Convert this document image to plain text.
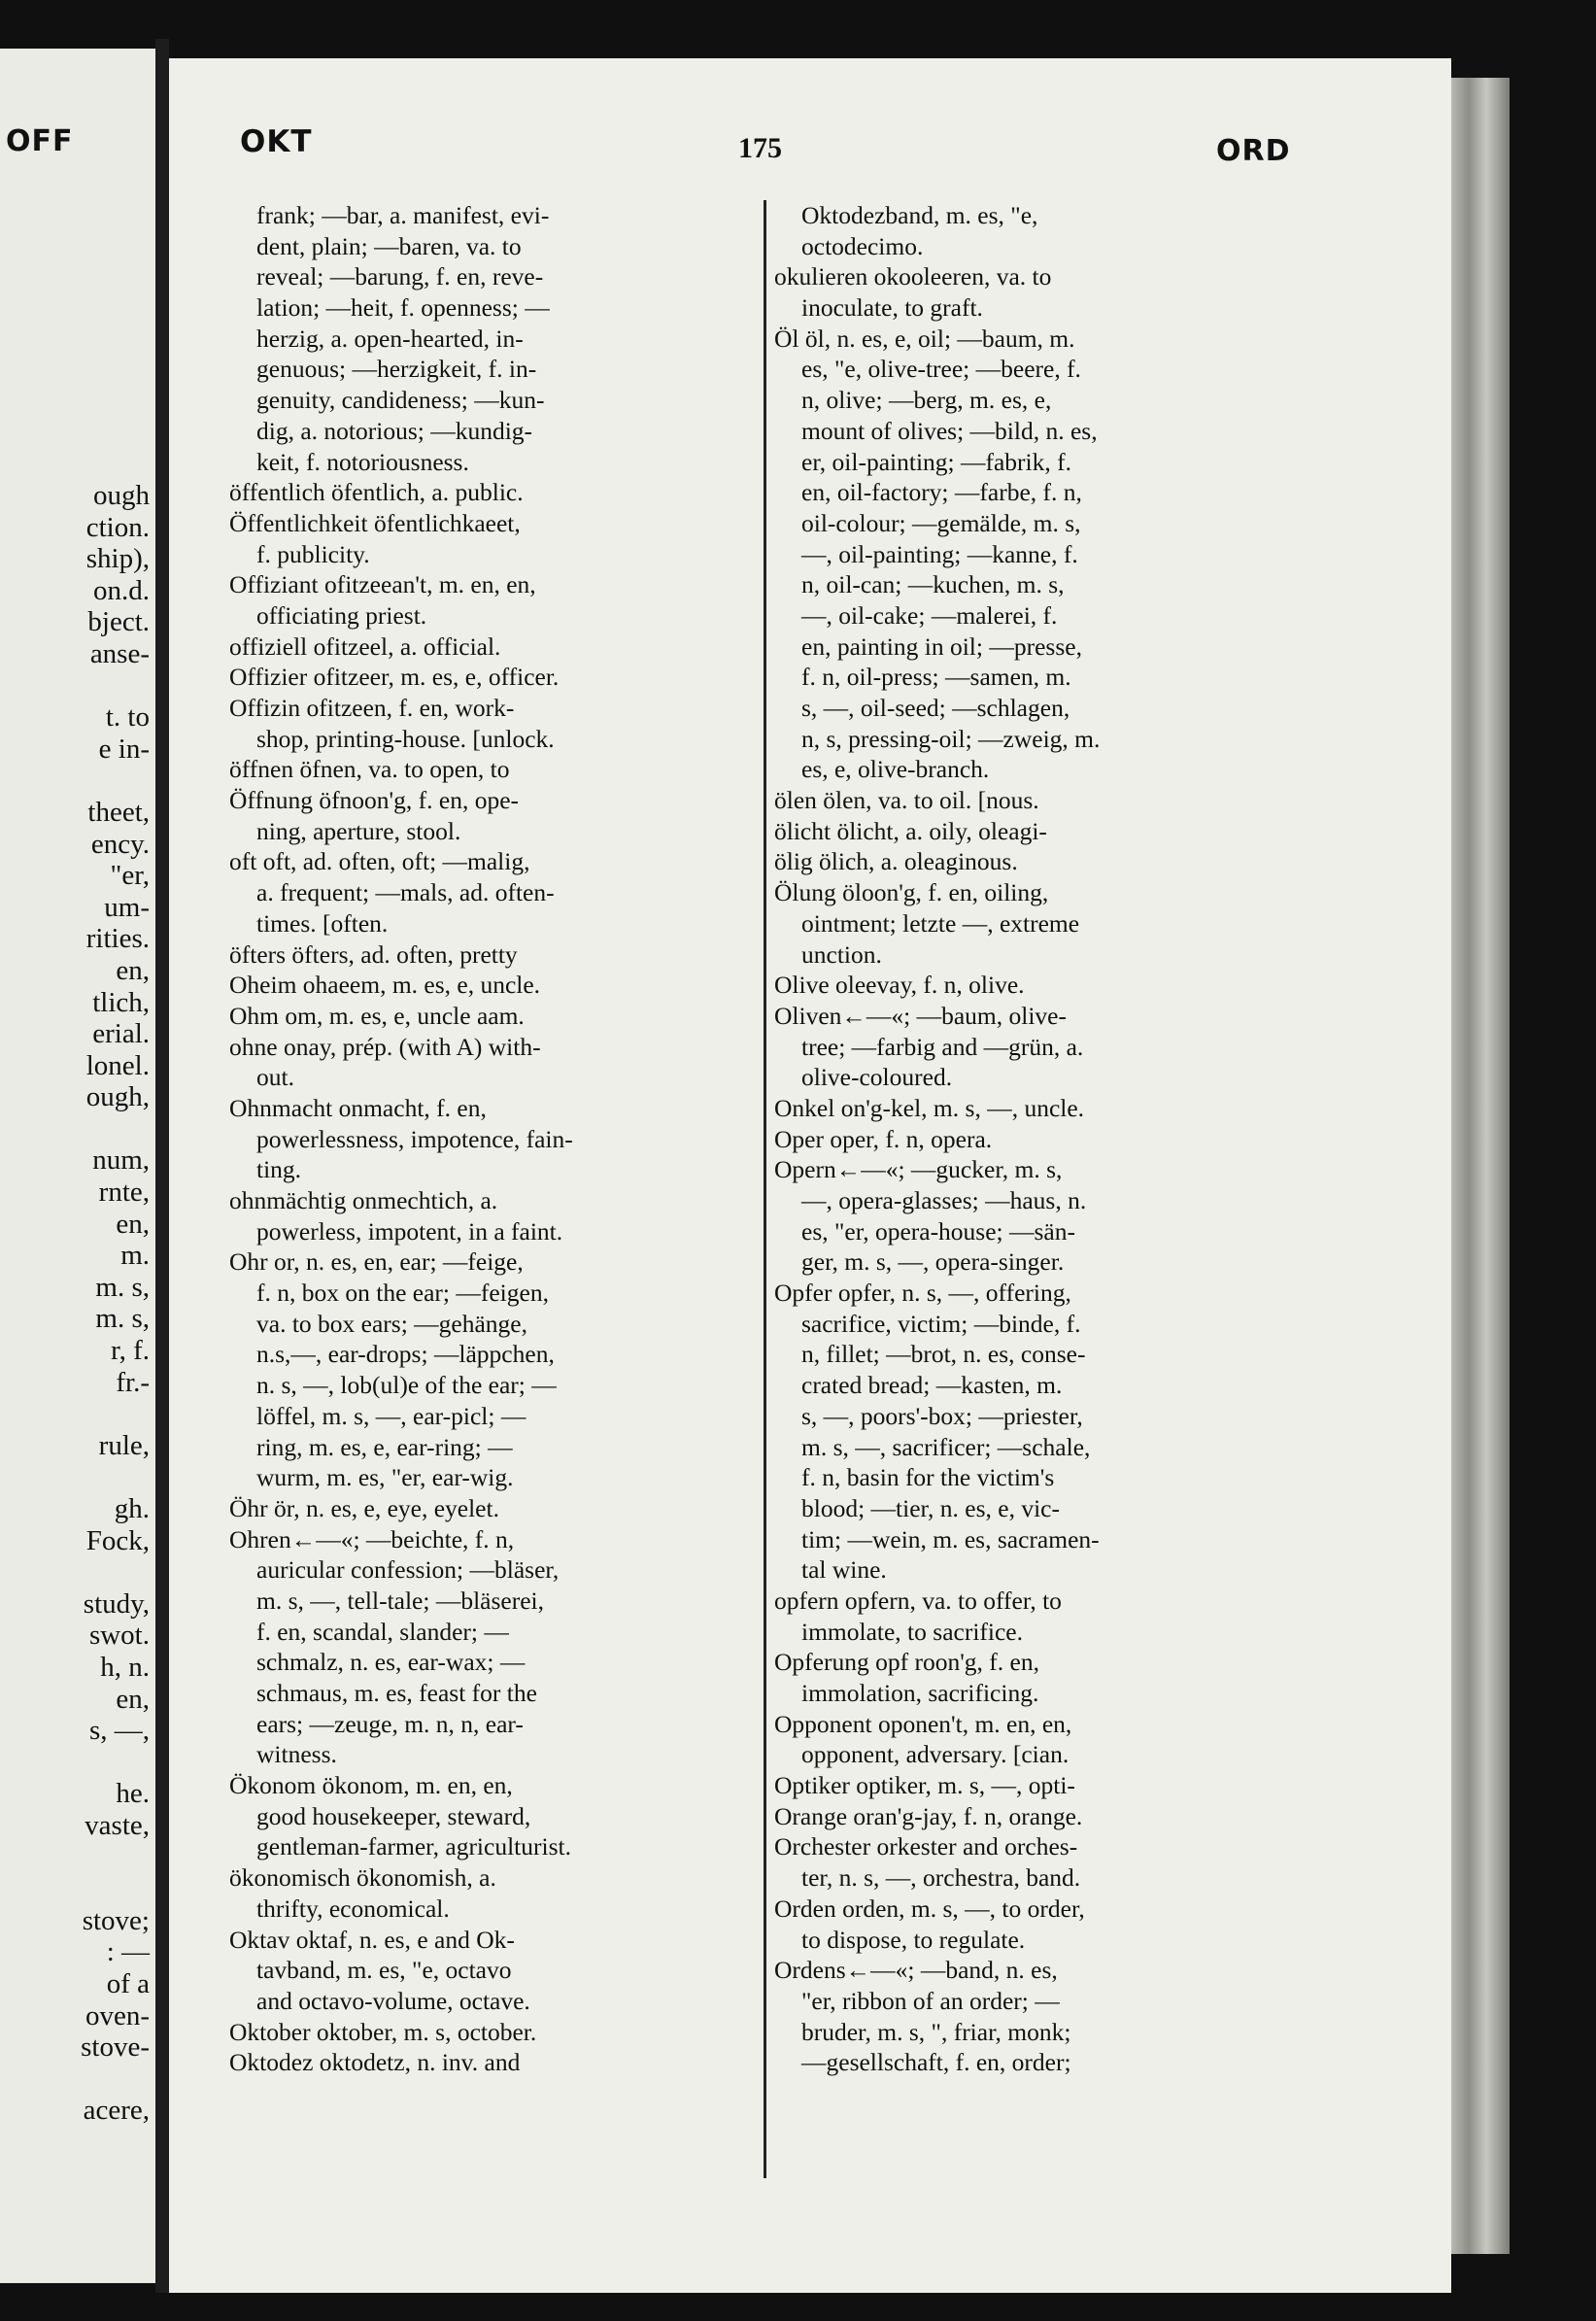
OFF
ough
ction.
ship),
on.d.
bject.
anse-
t. to
e in-
theet,
ency.
"er,
um-
rities.
en,
tlich,
erial.
lonel.
ough,
num,
rnte,
en,
m.
m. s,
m. s,
r, f.
fr.-
rule,
gh.
Fock,
study,
swot.
h, n.
en,
s, —,
he.
vaste,
stove;
: —
of a
oven-
stove-
acere,
OKT	175	ORD
frank; —bar, a. manifest, evi-
dent, plain; —baren, va. to
reveal; —barung, f. en, reve-
lation; —heit, f. openness; —
herzig, a. open-hearted, in-
genuous; —herzigkeit, f. in-
genuity, candideness; —kun-
dig, a. notorious; —kundig-
keit, f. notoriousness.
öffentlich öfentlich, a. public.
Öffentlichkeit öfentlichkaeet,
f. publicity.
Offiziant ofitzeean't, m. en, en,
officiating priest.
offiziell ofitzeel, a. official.
Offizier ofitzeer, m. es, e, officer.
Offizin ofitzeen, f. en, work-
shop, printing-house. [unlock.
öffnen öfnen, va. to open, to
Öffnung öfnoon'g, f. en, ope-
ning, aperture, stool.
oft oft, ad. often, oft; —malig,
a. frequent; —mals, ad. often-
times. [often.
öfters öfters, ad. often, pretty
Oheim ohaeem, m. es, e, uncle.
Ohm om, m. es, e, uncle aam.
ohne onay, prép. (with A) with-
out.
Ohnmacht onmacht, f. en,
powerlessness, impotence, fain-
ting.
ohnmächtig onmechtich, a.
powerless, impotent, in a faint.
Ohr or, n. es, en, ear; —feige,
f. n, box on the ear; —feigen,
va. to box ears; —gehänge,
n.s,—, ear-drops; —läppchen,
n. s, —, lob(ul)e of the ear; —
löffel, m. s, —, ear-picl; —
ring, m. es, e, ear-ring; —
wurm, m. es, "er, ear-wig.
Öhr ör, n. es, e, eye, eyelet.
Ohren←—«; —beichte, f. n,
auricular confession; —bläser,
m. s, —, tell-tale; —bläserei,
f. en, scandal, slander; —
schmalz, n. es, ear-wax; —
schmaus, m. es, feast for the
ears; —zeuge, m. n, n, ear-
witness.
Ökonom ökonom, m. en, en,
good housekeeper, steward,
gentleman-farmer, agriculturist.
ökonomisch ökonomish, a.
thrifty, economical.
Oktav oktaf, n. es, e and Ok-
tavband, m. es, "e, octavo
and octavo-volume, octave.
Oktober oktober, m. s, october.
Oktodez oktodetz, n. inv. and
Oktodezband, m. es, "e,
octodecimo.
okulieren okooleeren, va. to
inoculate, to graft.
Öl öl, n. es, e, oil; —baum, m.
es, "e, olive-tree; —beere, f.
n, olive; —berg, m. es, e,
mount of olives; —bild, n. es,
er, oil-painting; —fabrik, f.
en, oil-factory; —farbe, f. n,
oil-colour; —gemälde, m. s,
—, oil-painting; —kanne, f.
n, oil-can; —kuchen, m. s,
—, oil-cake; —malerei, f.
en, painting in oil; —presse,
f. n, oil-press; —samen, m.
s, —, oil-seed; —schlagen,
n, s, pressing-oil; —zweig, m.
es, e, olive-branch.
ölen ölen, va. to oil. [nous.
ölicht ölicht, a. oily, oleagi-
ölig ölich, a. oleaginous.
Ölung öloon'g, f. en, oiling,
ointment; letzte —, extreme
unction.
Olive oleevay, f. n, olive.
Oliven←—«; —baum, olive-
tree; —farbig and —grün, a.
olive-coloured.
Onkel on'g-kel, m. s, —, uncle.
Oper oper, f. n, opera.
Opern←—«; —gucker, m. s,
—, opera-glasses; —haus, n.
es, "er, opera-house; —sän-
ger, m. s, —, opera-singer.
Opfer opfer, n. s, —, offering,
sacrifice, victim; —binde, f.
n, fillet; —brot, n. es, conse-
crated bread; —kasten, m.
s, —, poors'-box; —priester,
m. s, —, sacrificer; —schale,
f. n, basin for the victim's
blood; —tier, n. es, e, vic-
tim; —wein, m. es, sacramen-
tal wine.
opfern opfern, va. to offer, to
immolate, to sacrifice.
Opferung opf roon'g, f. en,
immolation, sacrificing.
Opponent oponen't, m. en, en,
opponent, adversary. [cian.
Optiker optiker, m. s, —, opti-
Orange oran'g-jay, f. n, orange.
Orchester orkester and orches-
ter, n. s, —, orchestra, band.
Orden orden, m. s, —, to order,
to dispose, to regulate.
Ordens←—«; —band, n. es,
"er, ribbon of an order; —
bruder, m. s, ", friar, monk;
—gesellschaft, f. en, order;
